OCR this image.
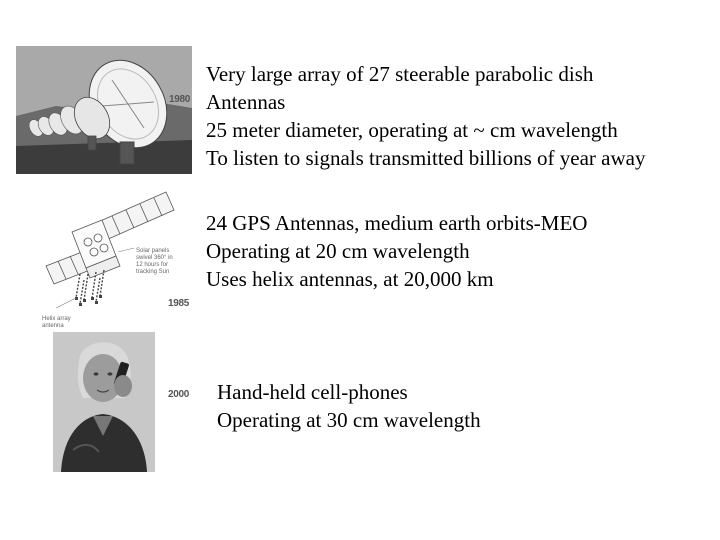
1980
Very large array of 27 steerable parabolic dish
Antennas
25 meter diameter, operating at ~ cm wavelength
To listen to signals transmitted billions of year away
Solar panels swivel 360° in 12 hours for tracking Sun
Helix array antenna
1985
24 GPS Antennas, medium earth orbits-MEO
Operating at 20 cm wavelength
Uses helix antennas, at 20,000 km
2000 Hand-held cell-phones
Operating at 30 cm wavelength
